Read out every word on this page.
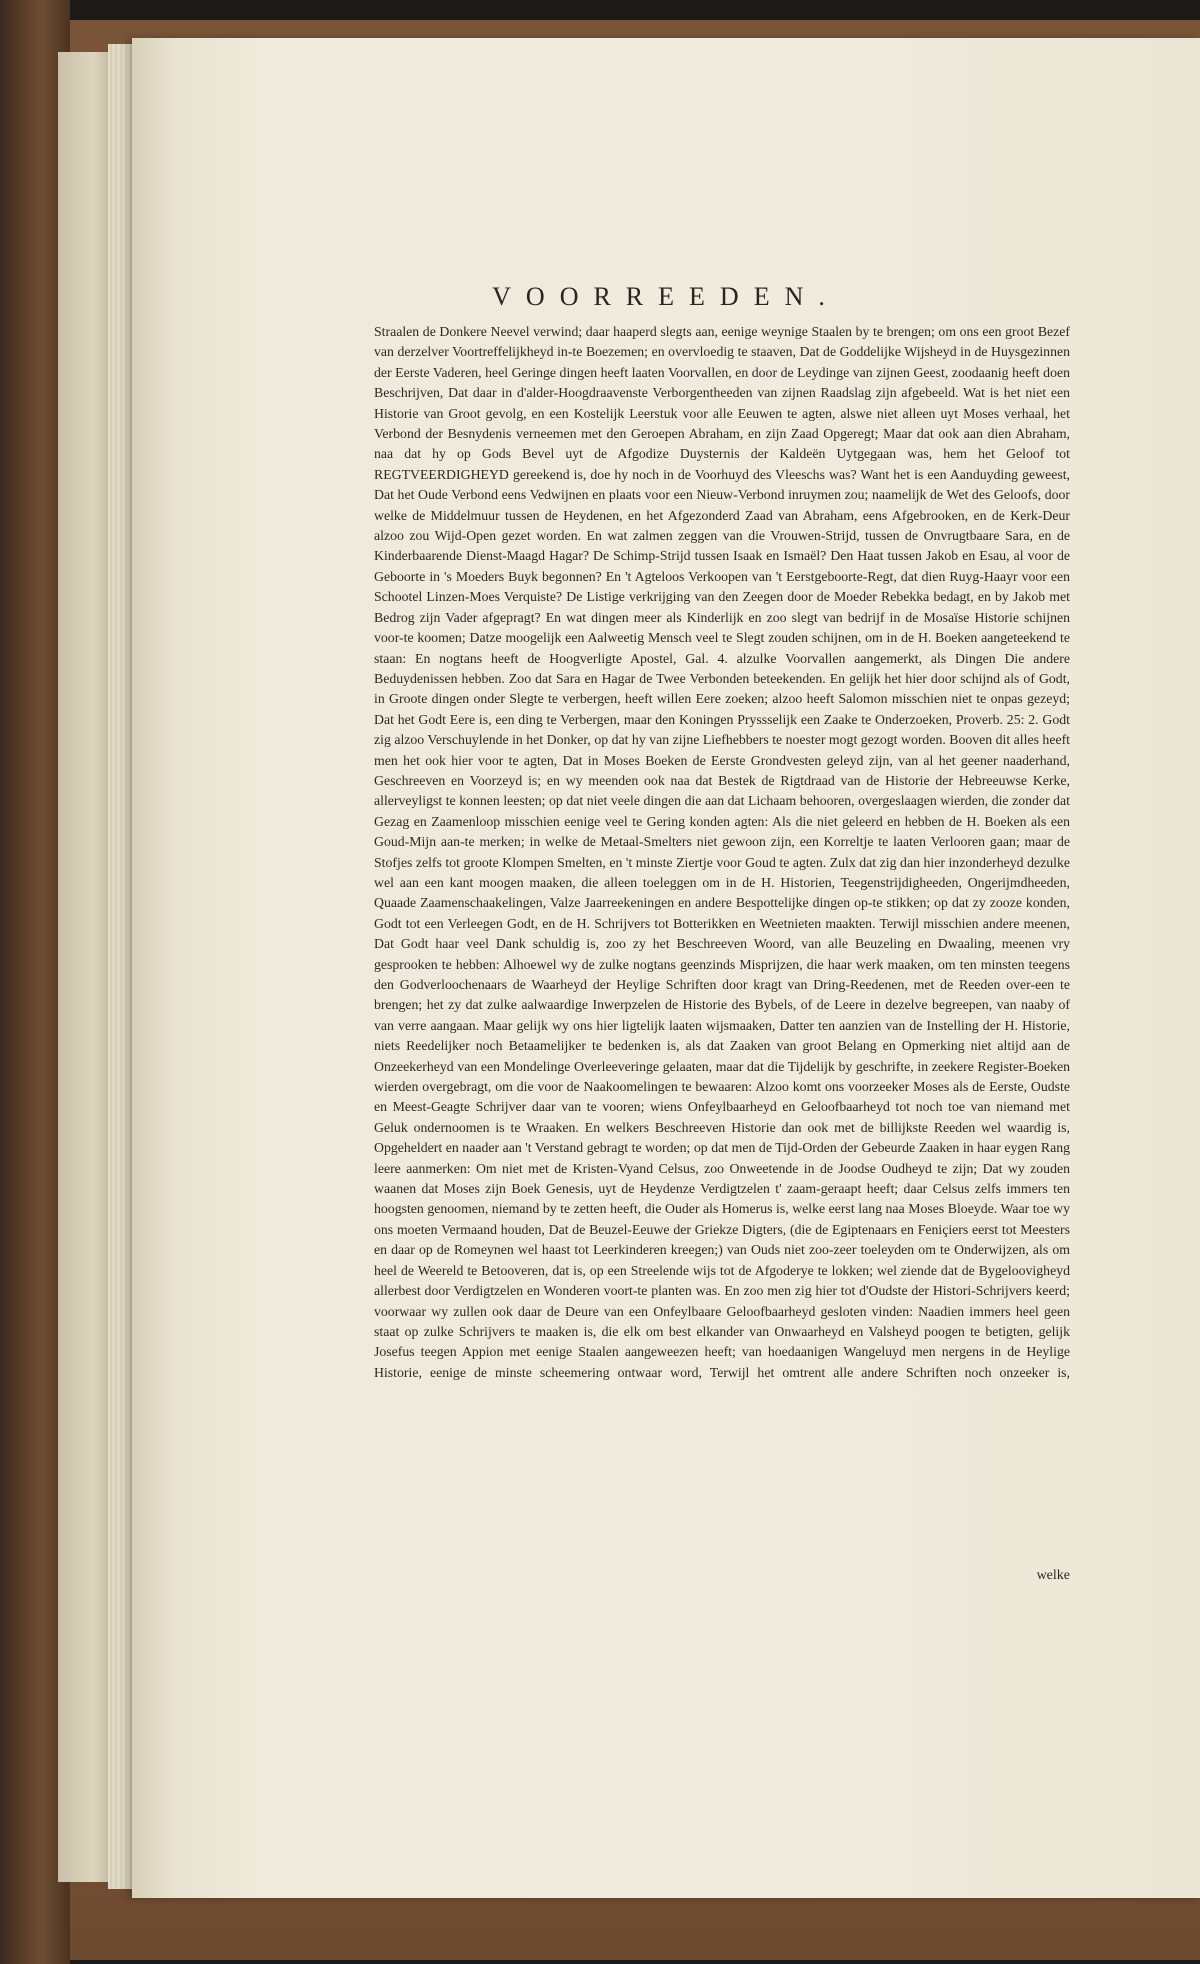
VOORREEDEN.

Straalen de Donkere Neevel verwind; daar haaperd slegts aan, eenige weynige Staalen by te brengen; om ons een groot Bezef van derzelver Voortreffelijkheyd in-te Boezemen; en overvloedig te staaven, Dat de Goddelijke Wijsheyd in de Huysgezinnen der Eerste Vaderen, heel Geringe dingen heeft laaten Voorvallen, en door de Leydinge van zijnen Geest, zoodaanig heeft doen Beschrijven, Dat daar in d'alder-Hoogdraavenste Verborgentheeden van zijnen Raadslag zijn afgebeeld. Wat is het niet een Historie van Groot gevolg, en een Kostelijk Leerstuk voor alle Eeuwen te agten, alswe niet alleen uyt Moses verhaal, het Verbond der Besnydenis verneemen met den Geroepen Abraham, en zijn Zaad Opgeregt; Maar dat ook aan dien Abraham, naa dat hy op Gods Bevel uyt de Afgodize Duysternis der Kaldeën Uytgegaan was, hem het Geloof tot REGTVEERDIGHEYD gereekend is, doe hy noch in de Voorhuyd des Vleeschs was? Want het is een Aanduyding geweest, Dat het Oude Verbond eens Vedwijnen en plaats voor een Nieuw-Verbond inruymen zou; naamelijk de Wet des Geloofs, door welke de Middelmuur tussen de Heydenen, en het Afgezonderd Zaad van Abraham, eens Afgebrooken, en de Kerk-Deur alzoo zou Wijd-Open gezet worden. En wat zalmen zeggen van die Vrouwen-Strijd, tussen de Onvrugtbaare Sara, en de Kinderbaarende Dienst-Maagd Hagar? De Schimp-Strijd tussen Isaak en Ismaël? Den Haat tussen Jakob en Esau, al voor de Geboorte in 's Moeders Buyk begonnen? En 't Agteloos Verkoopen van 't Eerstgeboorte-Regt, dat dien Ruyg-Haayr voor een Schootel Linzen-Moes Verquiste? De Listige verkrijging van den Zeegen door de Moeder Rebekka bedagt, en by Jakob met Bedrog zijn Vader afgepragt? En wat dingen meer als Kinderlijk en zoo slegt van bedrijf in de Mosaïse Historie schijnen voor-te koomen; Datze moogelijk een Aalweetig Mensch veel te Slegt zouden schijnen, om in de H. Boeken aangeteekend te staan: En nogtans heeft de Hoogverligte Apostel, Gal. 4. alzulke Voorvallen aangemerkt, als Dingen Die andere Beduydenissen hebben. Zoo dat Sara en Hagar de Twee Verbonden beteekenden. En gelijk het hier door schijnd als of Godt, in Groote dingen onder Slegte te verbergen, heeft willen Eere zoeken; alzoo heeft Salomon misschien niet te onpas gezeyd; Dat het Godt Eere is, een ding te Verbergen, maar den Koningen Pryssselijk een Zaake te Onderzoeken, Proverb. 25: 2. Godt zig alzoo Verschuylende in het Donker, op dat hy van zijne Liefhebbers te noester mogt gezogt worden. Booven dit alles heeft men het ook hier voor te agten, Dat in Moses Boeken de Eerste Grondvesten geleyd zijn, van al het geener naaderhand, Geschreeven en Voorzeyd is; en wy meenden ook naa dat Bestek de Rigtdraad van de Historie der Hebreeuwse Kerke, allerveyligst te konnen leesten; op dat niet veele dingen die aan dat Lichaam behooren, overgeslaagen wierden, die zonder dat Gezag en Zaamenloop misschien eenige veel te Gering konden agten: Als die niet geleerd en hebben de H. Boeken als een Goud-Mijn aan-te merken; in welke de Metaal-Smelters niet gewoon zijn, een Korreltje te laaten Verlooren gaan; maar de Stofjes zelfs tot groote Klompen Smelten, en 't minste Ziertje voor Goud te agten. Zulx dat zig dan hier inzonderheyd dezulke wel aan een kant moogen maaken, die alleen toeleggen om in de H. Historien, Teegenstrijdigheeden, Ongerijmdheeden, Quaade Zaamenschaakelingen, Valze Jaarreekeningen en andere Bespottelijke dingen op-te stikken; op dat zy zooze konden, Godt tot een Verleegen Godt, en de H. Schrijvers tot Botterikken en Weetnieten maakten. Terwijl misschien andere meenen, Dat Godt haar veel Dank schuldig is, zoo zy het Beschreeven Woord, van alle Beuzeling en Dwaaling, meenen vry gesprooken te hebben: Alhoewel wy de zulke nogtans geenzinds Misprijzen, die haar werk maaken, om ten minsten teegens den Godverloochenaars de Waarheyd der Heylige Schriften door kragt van Dring-Reedenen, met de Reeden over-een te brengen; het zy dat zulke aalwaardige Inwerpzelen de Historie des Bybels, of de Leere in dezelve begreepen, van naaby of van verre aangaan. Maar gelijk wy ons hier ligtelijk laaten wijsmaaken, Datter ten aanzien van de Instelling der H. Historie, niets Reedelijker noch Betaamelijker te bedenken is, als dat Zaaken van groot Belang en Opmerking niet altijd aan de Onzeekerheyd van een Mondelinge Overleeveringe gelaaten, maar dat die Tijdelijk by geschrifte, in zeekere Register-Boeken wierden overgebragt, om die voor de Naakoomelingen te bewaaren: Alzoo komt ons voorzeeker Moses als de Eerste, Oudste en Meest-Geagte Schrijver daar van te vooren; wiens Onfeylbaarheyd en Geloofbaarheyd tot noch toe van niemand met Geluk ondernoomen is te Wraaken. En welkers Beschreeven Historie dan ook met de billijkste Reeden wel waardig is, Opgeheldert en naader aan 't Verstand gebragt te worden; op dat men de Tijd-Orden der Gebeurde Zaaken in haar eygen Rang leere aanmerken: Om niet met de Kristen-Vyand Celsus, zoo Onweetende in de Joodse Oudheyd te zijn; Dat wy zouden waanen dat Moses zijn Boek Genesis, uyt de Heydenze Verdigtzelen t' zaam-geraapt heeft; daar Celsus zelfs immers ten hoogsten genoomen, niemand by te zetten heeft, die Ouder als Homerus is, welke eerst lang naa Moses Bloeyde. Waar toe wy ons moeten Vermaand houden, Dat de Beuzel-Eeuwe der Griekze Digters, (die de Egiptenaars en Feniçiers eerst tot Meesters en daar op de Romeynen wel haast tot Leerkinderen kreegen;) van Ouds niet zoo-zeer toeleyden om te Onderwijzen, als om heel de Weereld te Betooveren, dat is, op een Streelende wijs tot de Afgoderye te lokken; wel ziende dat de Bygeloovigheyd allerbest door Verdigtzelen en Wonderen voort-te planten was. En zoo men zig hier tot d'Oudste der Histori-Schrijvers keerd; voorwaar wy zullen ook daar de Deure van een Onfeylbaare Geloofbaarheyd gesloten vinden: Naadien immers heel geen staat op zulke Schrijvers te maaken is, die elk om best elkander van Onwaarheyd en Valsheyd poogen te betigten, gelijk Josefus teegen Appion met eenige Staalen aangeweezen heeft; van hoedaanigen Wangeluyd men nergens in de Heylige Historie, eenige de minste scheemering ontwaar word, Terwijl het omtrent alle andere Schriften noch onzeeker is,

welke
